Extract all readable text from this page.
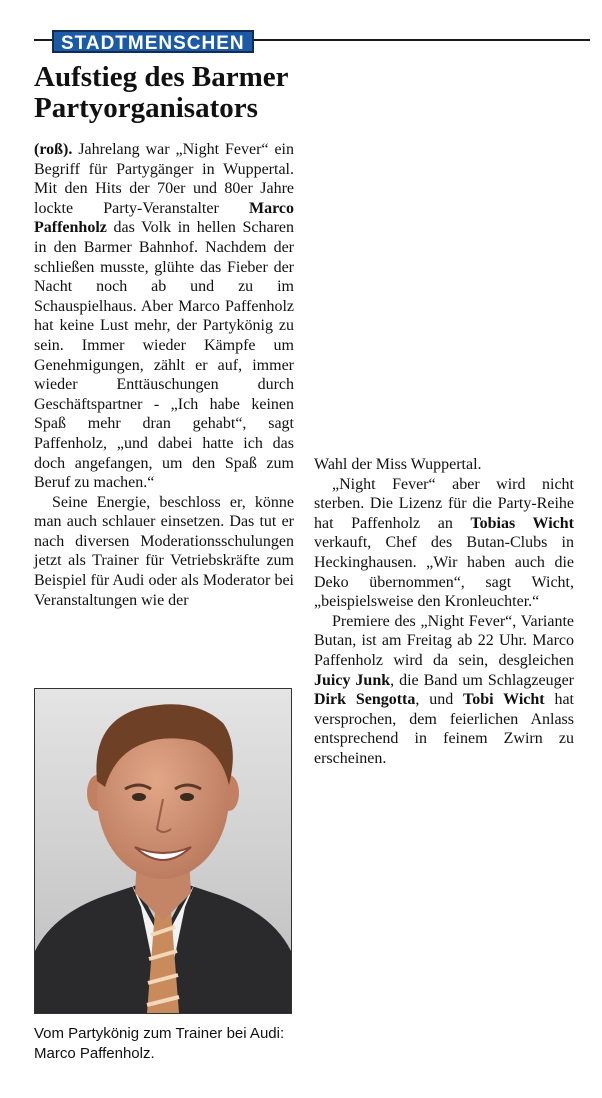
STADTMENSCHEN
Aufstieg des Barmer Partyorganisators

(roß). Jahrelang war „Night Fever“ ein Begriff für Partygänger in Wuppertal. Mit den Hits der 70er und 80er Jahre lockte Party-Veranstalter Marco Paffenholz das Volk in hellen Scharen in den Barmer Bahnhof. Nachdem der schließen musste, glühte das Fieber der Nacht noch ab und zu im Schauspielhaus. Aber Marco Paffenholz hat keine Lust mehr, der Partykönig zu sein. Immer wieder Kämpfe um Genehmigungen, zählt er auf, immer wieder Enttäuschungen durch Geschäftspartner - „Ich habe keinen Spaß mehr dran gehabt“, sagt Paffenholz, „und dabei hatte ich das doch angefangen, um den Spaß zum Beruf zu machen.“

Seine Energie, beschloss er, könne man auch schlauer einsetzen. Das tut er nach diversen Moderationsschulungen jetzt als Trainer für Vetriebskräfte zum Beispiel für Audi oder als Moderator bei Veranstaltungen wie der

Wahl der Miss Wuppertal.

„Night Fever“ aber wird nicht sterben. Die Lizenz für die Party-Reihe hat Paffenholz an Tobias Wicht verkauft, Chef des Butan-Clubs in Heckinghausen. „Wir haben auch die Deko übernommen“, sagt Wicht, „beispielsweise den Kronleuchter.“

Premiere des „Night Fever“, Variante Butan, ist am Freitag ab 22 Uhr. Marco Paffenholz wird da sein, desgleichen Juicy Junk, die Band um Schlagzeuger Dirk Sengotta, und Tobi Wicht hat versprochen, dem feierlichen Anlass entsprechend in feinem Zwirn zu erscheinen.

Vom Partykönig zum Trainer bei Audi: Marco Paffenholz.
